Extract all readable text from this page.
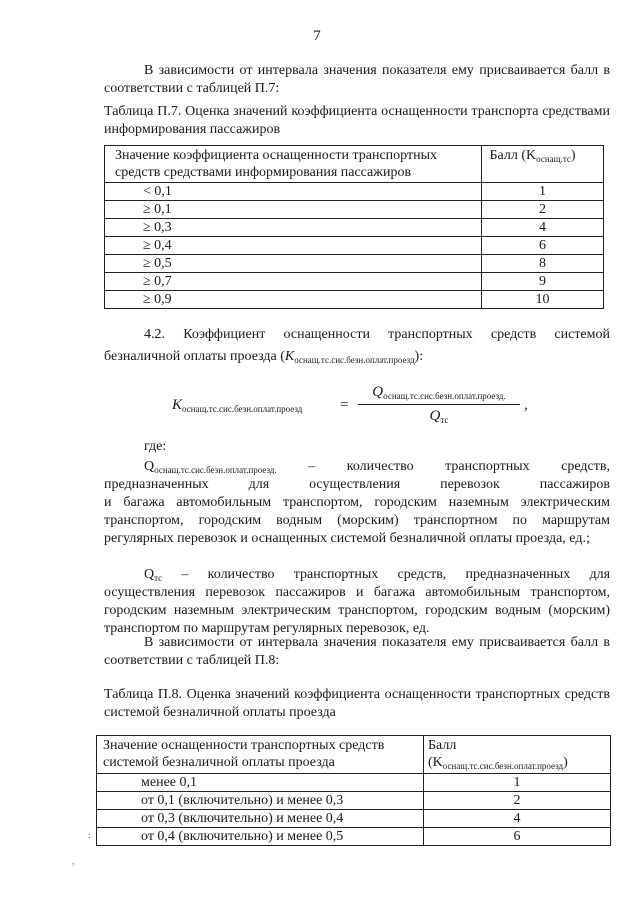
7
В зависимости от интервала значения показателя ему присваивается балл в соответствии с таблицей П.7:
Таблица П.7. Оценка значений коэффициента оснащенности транспорта средствами информирования пассажиров
Значение коэффициента оснащенности транспортных средств средствами информирования пассажиров	Балл $(K_{оснащ.тс})$
< 0,1	1
≥ 0,1	2
≥ 0,3	4
≥ 0,4	6
≥ 0,5	8
≥ 0,7	9
≥ 0,9	10
4.2. Коэффициент оснащенности транспортных средств системой
безналичной оплаты проезда $(K_{оснащ.тс.сис.безн.оплат.проезд})$:
$K_{оснащ.тс.сис.безн.оплат.проезд}$	=
$Q_{оснащ.тс.сис.безн.оплат.проезд.}$
$Q_{тс}$
,
где:
$Q_{оснащ.тс.сис.безн.оплат.проезд.}$ – количество транспортных средств,
предназначенных для осуществления перевозок пассажиров
и багажа автомобильным транспортом, городским наземным электрическим транспортом, городским водным (морским) транспортном по маршрутам регулярных перевозок и оснащенных системой безналичной оплаты проезда, ед.;
$Q_{тс}$ – количество транспортных средств, предназначенных для осуществления перевозок пассажиров и багажа автомобильным транспортом, городским наземным электрическим транспортом, городским водным (морским) транспортом по маршрутам регулярных перевозок, ед.
В зависимости от интервала значения показателя ему присваивается балл в соответствии с таблицей П.8:
Таблица П.8. Оценка значений коэффициента оснащенности транспортных средств системой безналичной оплаты проезда
Значение оснащенности транспортных средств системой безналичной оплаты проезда	Балл
$(K_{оснащ.тс.сис.безн.оплат.проезд})$
менее 0,1	1
от 0,1 (включительно) и менее 0,3	2
от 0,3 (включительно) и менее 0,4	4
от 0,4 (включительно) и менее 0,5	6
,
:
